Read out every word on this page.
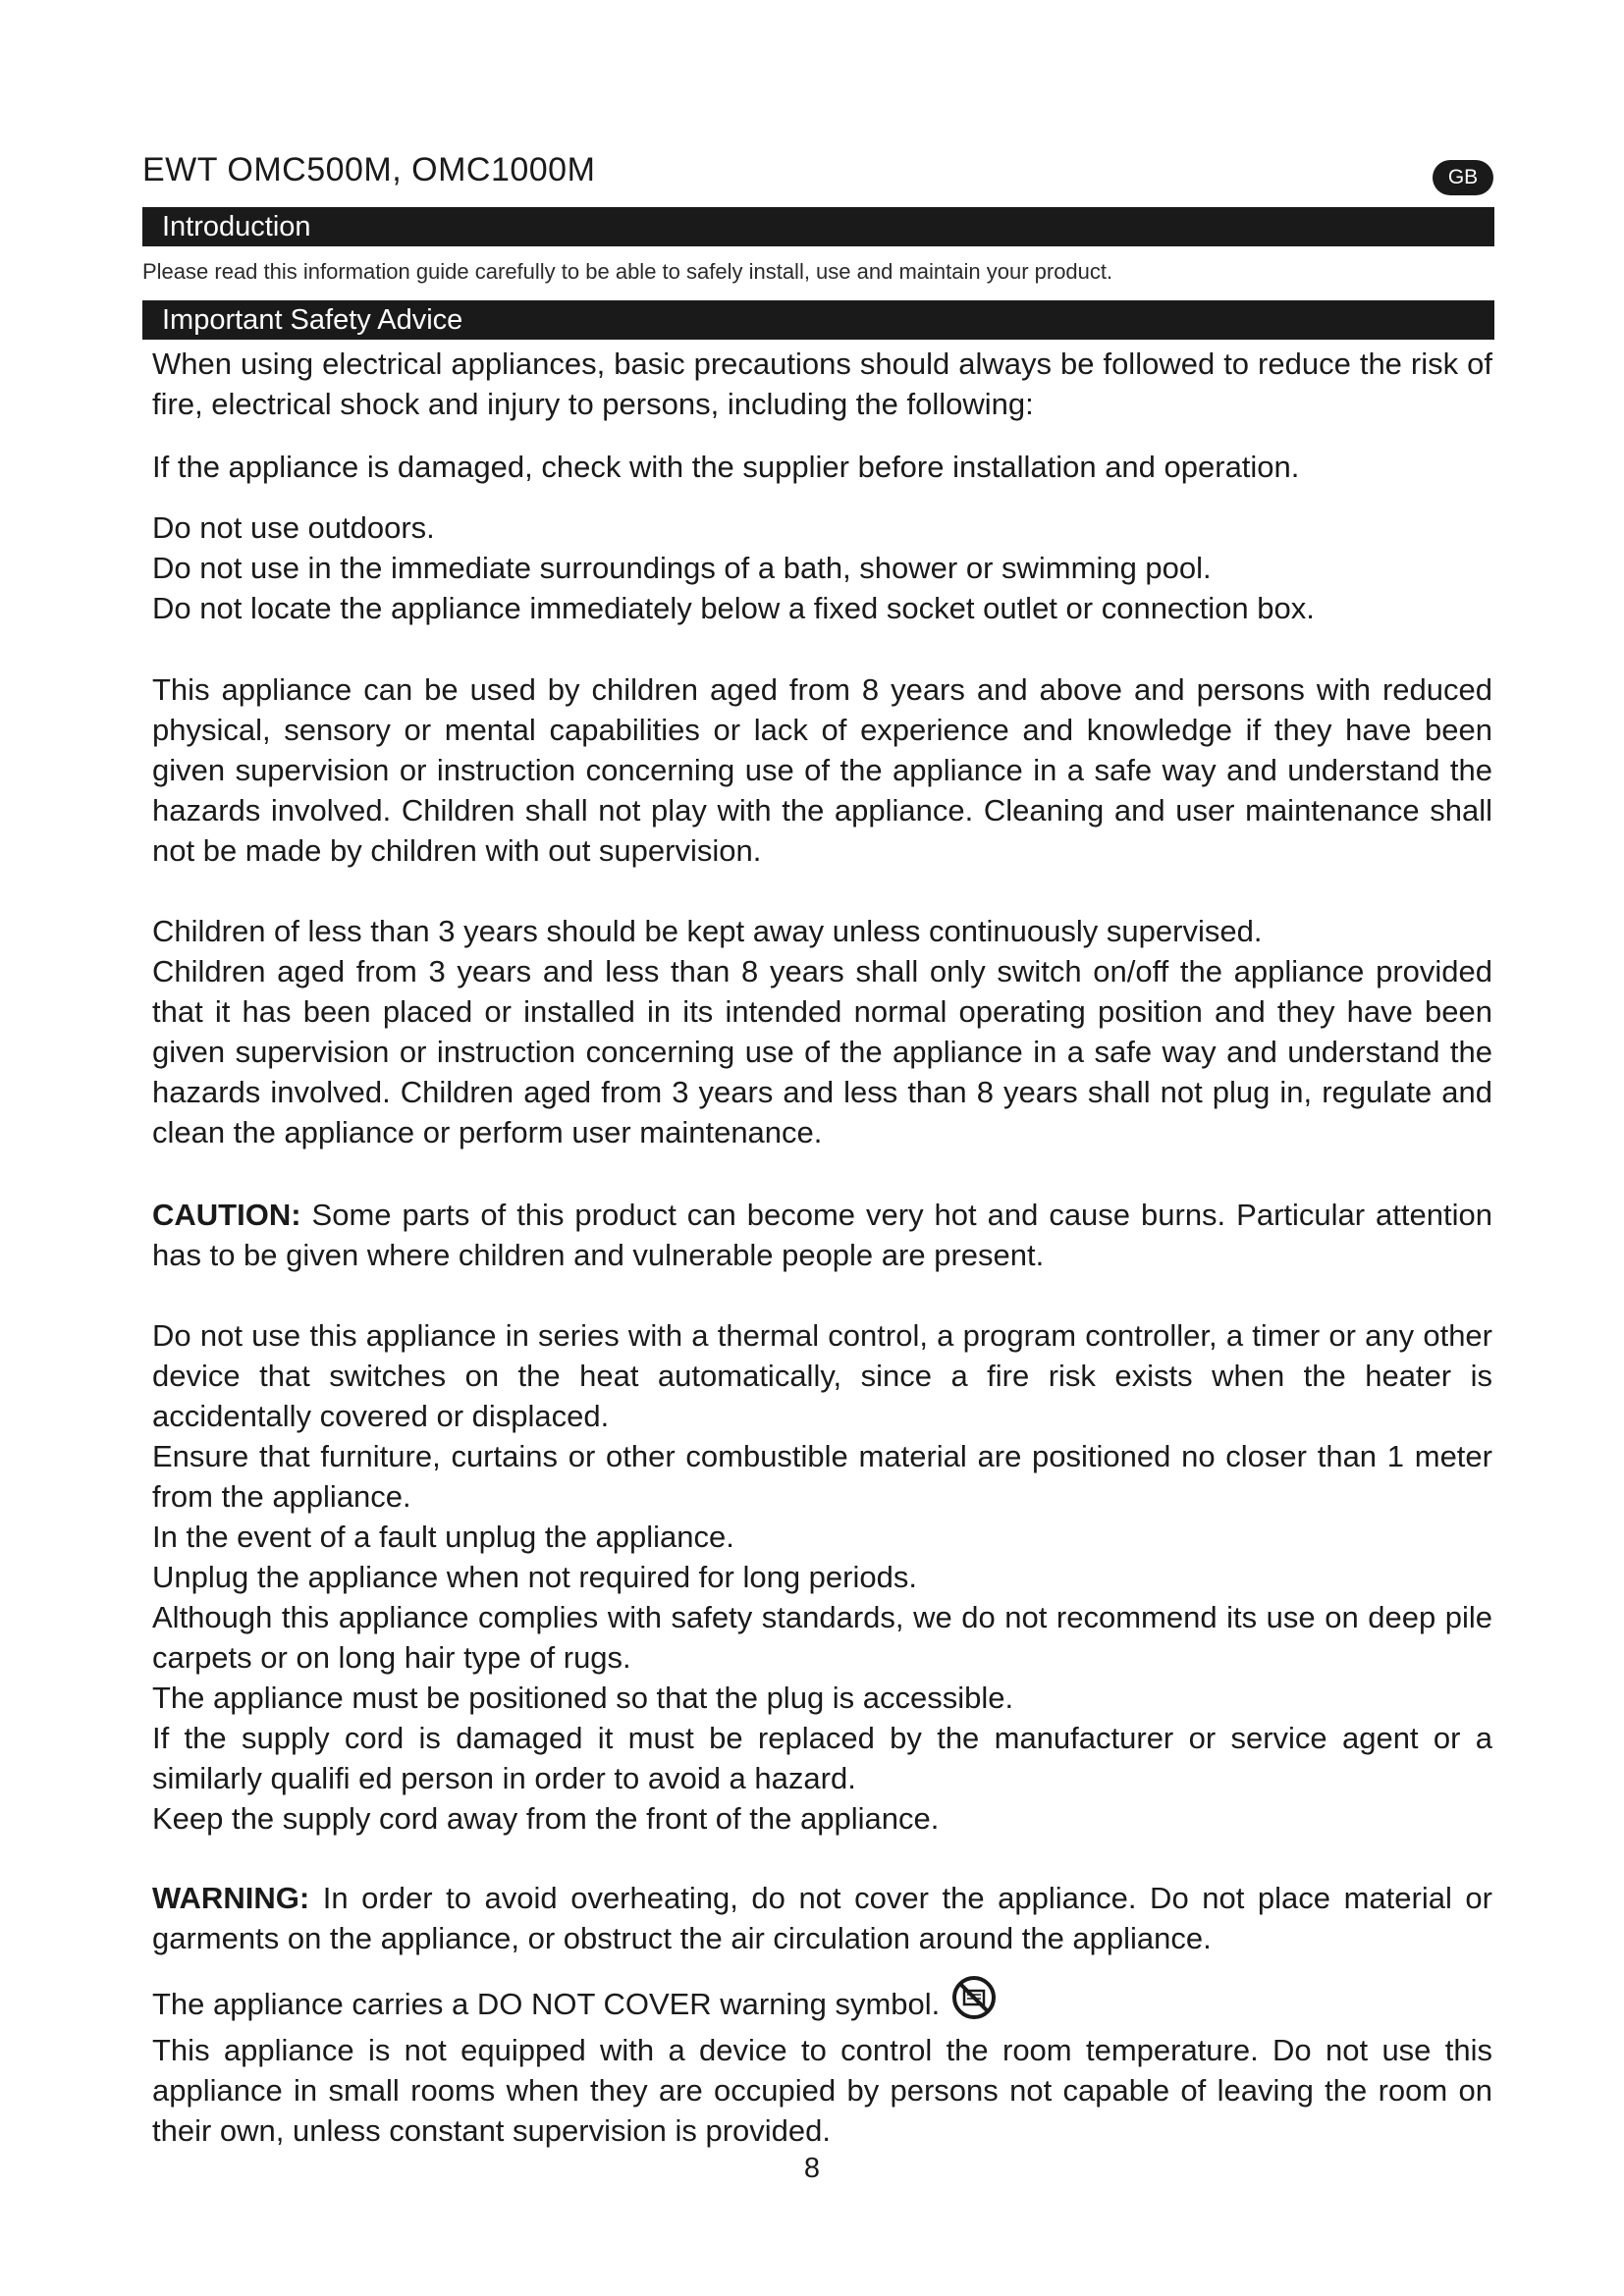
EWT OMC500M, OMC1000M	GB
Introduction
Please read this information guide carefully to be able to safely install, use and maintain your product.
Important Safety Advice

When using electrical appliances, basic precautions should always be followed to reduce the risk of fire, electrical shock and injury to persons, including the following:

If the appliance is damaged, check with the supplier before installation and operation.

Do not use outdoors.

Do not use in the immediate surroundings of a bath, shower or swimming pool.

Do not locate the appliance immediately below a fixed socket outlet or connection box.

This appliance can be used by children aged from 8 years and above and persons with reduced physical, sensory or mental capabilities or lack of experience and knowledge if they have been given supervision or instruction concerning use of the appliance in a safe way and understand the hazards involved. Children shall not play with the appliance. Cleaning and user maintenance shall not be made by children with out supervision.

Children of less than 3 years should be kept away unless continuously supervised.

Children aged from 3 years and less than 8 years shall only switch on/off the appliance provided that it has been placed or installed in its intended normal operating position and they have been given supervision or instruction concerning use of the appliance in a safe way and understand the hazards involved. Children aged from 3 years and less than 8 years shall not plug in, regulate and clean the appliance or perform user maintenance.

CAUTION: Some parts of this product can become very hot and cause burns. Particular attention has to be given where children and vulnerable people are present.

Do not use this appliance in series with a thermal control, a program controller, a timer or any other device that switches on the heat automatically, since a fire risk exists when the heater is accidentally covered or displaced.

Ensure that furniture, curtains or other combustible material are positioned no closer than 1 meter from the appliance.

In the event of a fault unplug the appliance.

Unplug the appliance when not required for long periods.

Although this appliance complies with safety standards, we do not recommend its use on deep pile carpets or on long hair type of rugs.

The appliance must be positioned so that the plug is accessible.

If the supply cord is damaged it must be replaced by the manufacturer or service agent or a similarly qualifi ed person in order to avoid a hazard.

Keep the supply cord away from the front of the appliance.

WARNING: In order to avoid overheating, do not cover the appliance. Do not place material or garments on the appliance, or obstruct the air circulation around the appliance.

The appliance carries a DO NOT COVER warning symbol.

This appliance is not equipped with a device to control the room temperature. Do not use this appliance in small rooms when they are occupied by persons not capable of leaving the room on their own, unless constant supervision is provided.

8
